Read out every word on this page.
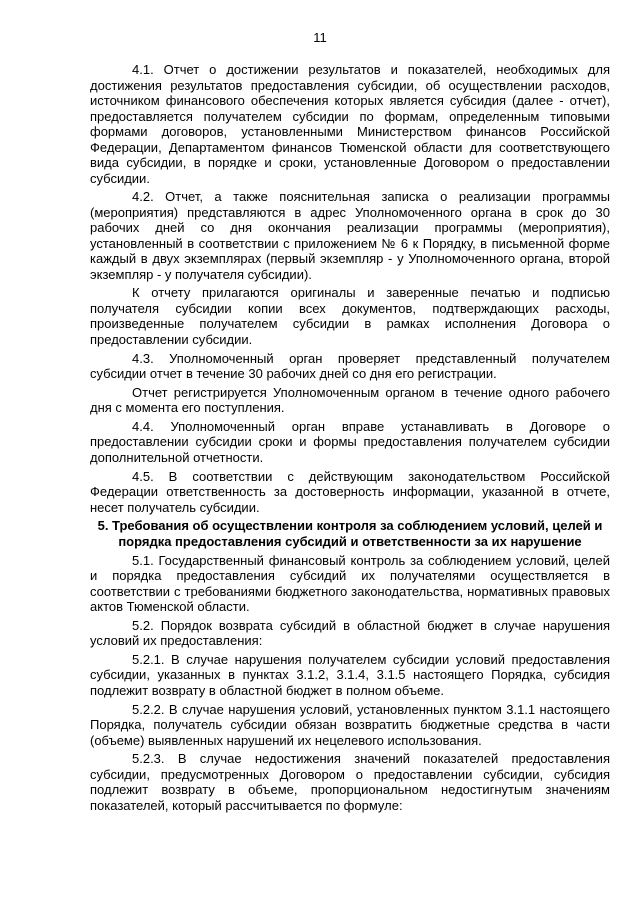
11

4.1. Отчет о достижении результатов и показателей, необходимых для достижения результатов предоставления субсидии, об осуществлении расходов, источником финансового обеспечения которых является субсидия (далее - отчет), предоставляется получателем субсидии по формам, определенным типовыми формами договоров, установленными Министерством финансов Российской Федерации, Департаментом финансов Тюменской области для соответствующего вида субсидии, в порядке и сроки, установленные Договором о предоставлении субсидии.

4.2. Отчет, а также пояснительная записка о реализации программы (мероприятия) представляются в адрес Уполномоченного органа в срок до 30 рабочих дней со дня окончания реализации программы (мероприятия), установленный в соответствии с приложением № 6 к Порядку, в письменной форме каждый в двух экземплярах (первый экземпляр - у Уполномоченного органа, второй экземпляр - у получателя субсидии).

К отчету прилагаются оригиналы и заверенные печатью и подписью получателя субсидии копии всех документов, подтверждающих расходы, произведенные получателем субсидии в рамках исполнения Договора о предоставлении субсидии.

4.3. Уполномоченный орган проверяет представленный получателем субсидии отчет в течение 30 рабочих дней со дня его регистрации.

Отчет регистрируется Уполномоченным органом в течение одного рабочего дня с момента его поступления.

4.4. Уполномоченный орган вправе устанавливать в Договоре о предоставлении субсидии сроки и формы предоставления получателем субсидии дополнительной отчетности.

4.5. В соответствии с действующим законодательством Российской Федерации ответственность за достоверность информации, указанной в отчете, несет получатель субсидии.

5. Требования об осуществлении контроля за соблюдением условий, целей и порядка предоставления субсидий и ответственности за их нарушение

5.1. Государственный финансовый контроль за соблюдением условий, целей и порядка предоставления субсидий их получателями осуществляется в соответствии с требованиями бюджетного законодательства, нормативных правовых актов Тюменской области.

5.2. Порядок возврата субсидий в областной бюджет в случае нарушения условий их предоставления:

5.2.1. В случае нарушения получателем субсидии условий предоставления субсидии, указанных в пунктах 3.1.2, 3.1.4, 3.1.5 настоящего Порядка, субсидия подлежит возврату в областной бюджет в полном объеме.

5.2.2. В случае нарушения условий, установленных пунктом 3.1.1 настоящего Порядка, получатель субсидии обязан возвратить бюджетные средства в части (объеме) выявленных нарушений их нецелевого использования.

5.2.3. В случае недостижения значений показателей предоставления субсидии, предусмотренных Договором о предоставлении субсидии, субсидия подлежит возврату в объеме, пропорциональном недостигнутым значениям показателей, который рассчитывается по формуле:
